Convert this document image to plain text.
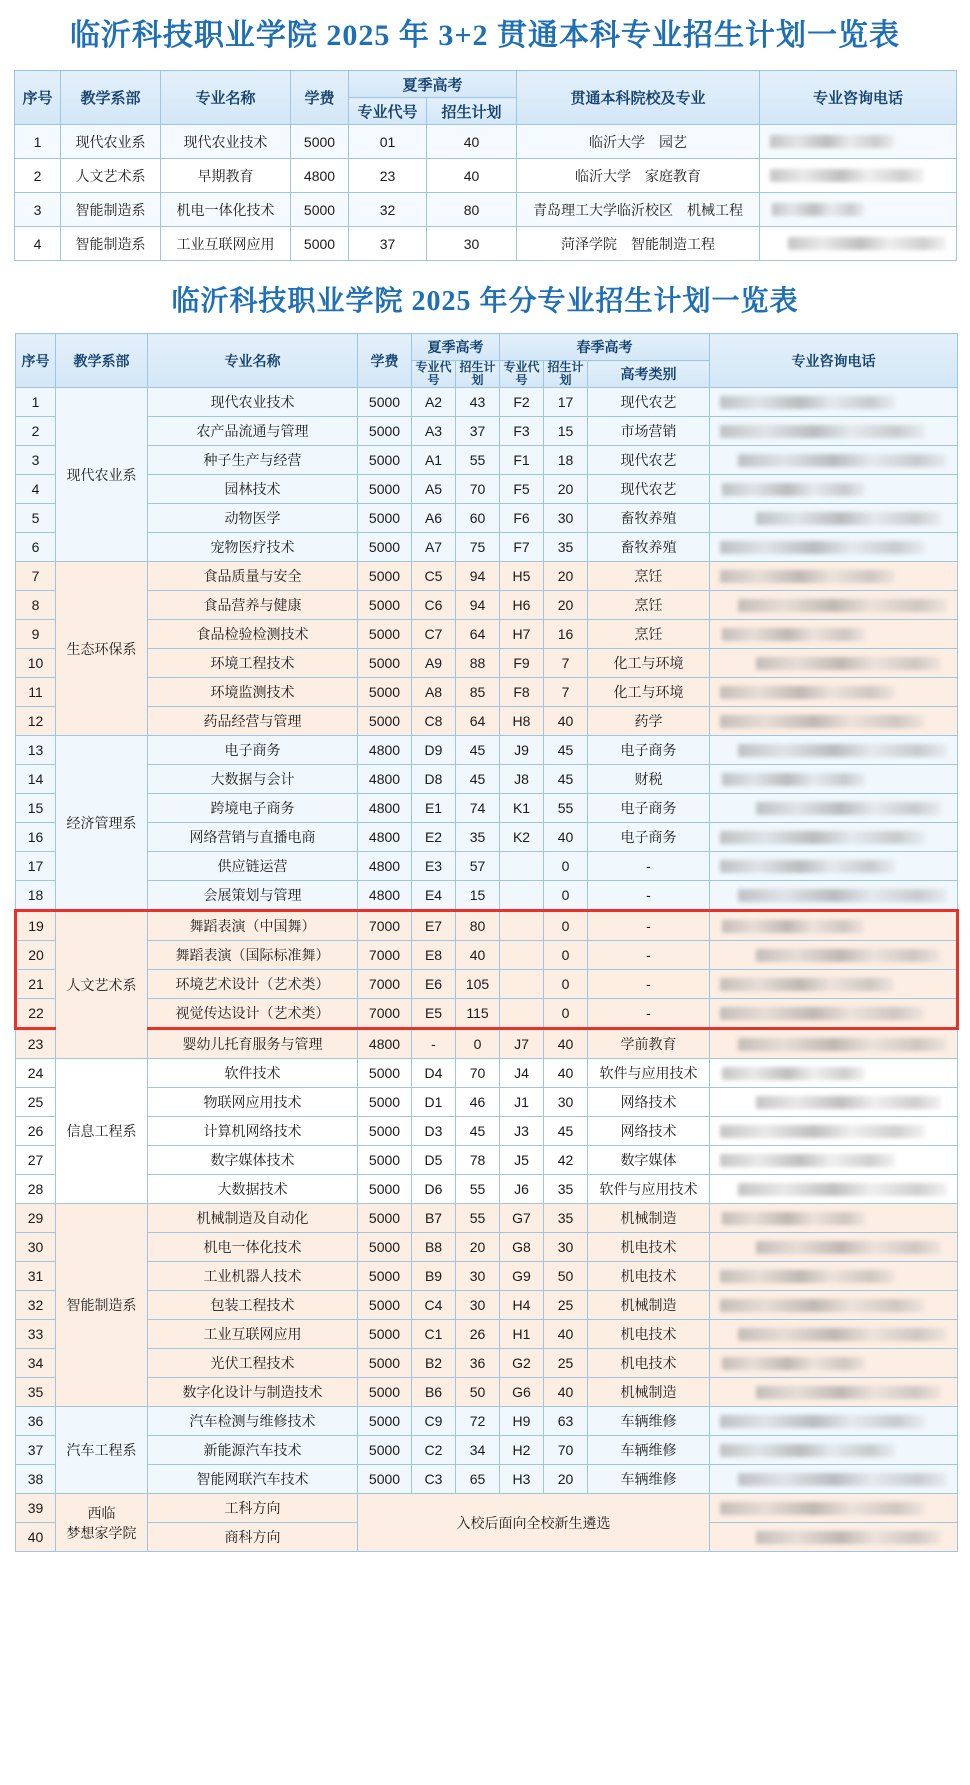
临沂科技职业学院 2025 年 3+2 贯通本科专业招生计划一览表
序号	教学系部	专业名称	学费	夏季高考		贯通本科院校及专业	专业咨询电话
				专业代号	招生计划		
1	现代农业系	现代农业技术	5000	01	40	临沂大学　园艺	

2	人文艺术系	早期教育	4800	23	40	临沂大学　家庭教育	

3	智能制造系	机电一体化技术	5000	32	80	青岛理工大学临沂校区　机械工程	

4	智能制造系	工业互联网应用	5000	37	30	菏泽学院　智能制造工程	
临沂科技职业学院 2025 年分专业招生计划一览表
序号	教学系部	专业名称	学费	夏季高考		春季高考			专业咨询电话
				专业代号	招生计划	专业代号	招生计划	高考类别	
1	现代农业系	现代农业技术	5000	A2	43	F2	17	现代农艺	

2		农产品流通与管理	5000	A3	37	F3	15	市场营销	

3		种子生产与经营	5000	A1	55	F1	18	现代农艺	

4		园林技术	5000	A5	70	F5	20	现代农艺	

5		动物医学	5000	A6	60	F6	30	畜牧养殖	

6		宠物医疗技术	5000	A7	75	F7	35	畜牧养殖	

7	生态环保系	食品质量与安全	5000	C5	94	H5	20	烹饪	

8		食品营养与健康	5000	C6	94	H6	20	烹饪	

9		食品检验检测技术	5000	C7	64	H7	16	烹饪	

10		环境工程技术	5000	A9	88	F9	7	化工与环境	

11		环境监测技术	5000	A8	85	F8	7	化工与环境	

12		药品经营与管理	5000	C8	64	H8	40	药学	

13	经济管理系	电子商务	4800	D9	45	J9	45	电子商务	

14		大数据与会计	4800	D8	45	J8	45	财税	

15		跨境电子商务	4800	E1	74	K1	55	电子商务	

16		网络营销与直播电商	4800	E2	35	K2	40	电子商务	

17		供应链运营	4800	E3	57		0	-	

18		会展策划与管理	4800	E4	15		0	-	

19	人文艺术系	舞蹈表演（中国舞）	7000	E7	80		0	-	

20		舞蹈表演（国际标准舞）	7000	E8	40		0	-	

21		环境艺术设计（艺术类）	7000	E6	105		0	-	

22		视觉传达设计（艺术类）	7000	E5	115		0	-	

23		婴幼儿托育服务与管理	4800	-	0	J7	40	学前教育	

24	信息工程系	软件技术	5000	D4	70	J4	40	软件与应用技术	

25		物联网应用技术	5000	D1	46	J1	30	网络技术	

26		计算机网络技术	5000	D3	45	J3	45	网络技术	

27		数字媒体技术	5000	D5	78	J5	42	数字媒体	

28		大数据技术	5000	D6	55	J6	35	软件与应用技术	

29	智能制造系	机械制造及自动化	5000	B7	55	G7	35	机械制造	

30		机电一体化技术	5000	B8	20	G8	30	机电技术	

31		工业机器人技术	5000	B9	30	G9	50	机电技术	

32		包装工程技术	5000	C4	30	H4	25	机械制造	

33		工业互联网应用	5000	C1	26	H1	40	机电技术	

34		光伏工程技术	5000	B2	36	G2	25	机电技术	

35		数字化设计与制造技术	5000	B6	50	G6	40	机械制造	

36	汽车工程系	汽车检测与维修技术	5000	C9	72	H9	63	车辆维修	

37		新能源汽车技术	5000	C2	34	H2	70	车辆维修	

38		智能网联汽车技术	5000	C3	65	H3	20	车辆维修	

39	西临
梦想家学院	工科方向	入校后面向全校新生遴选						

40		商科方向							
